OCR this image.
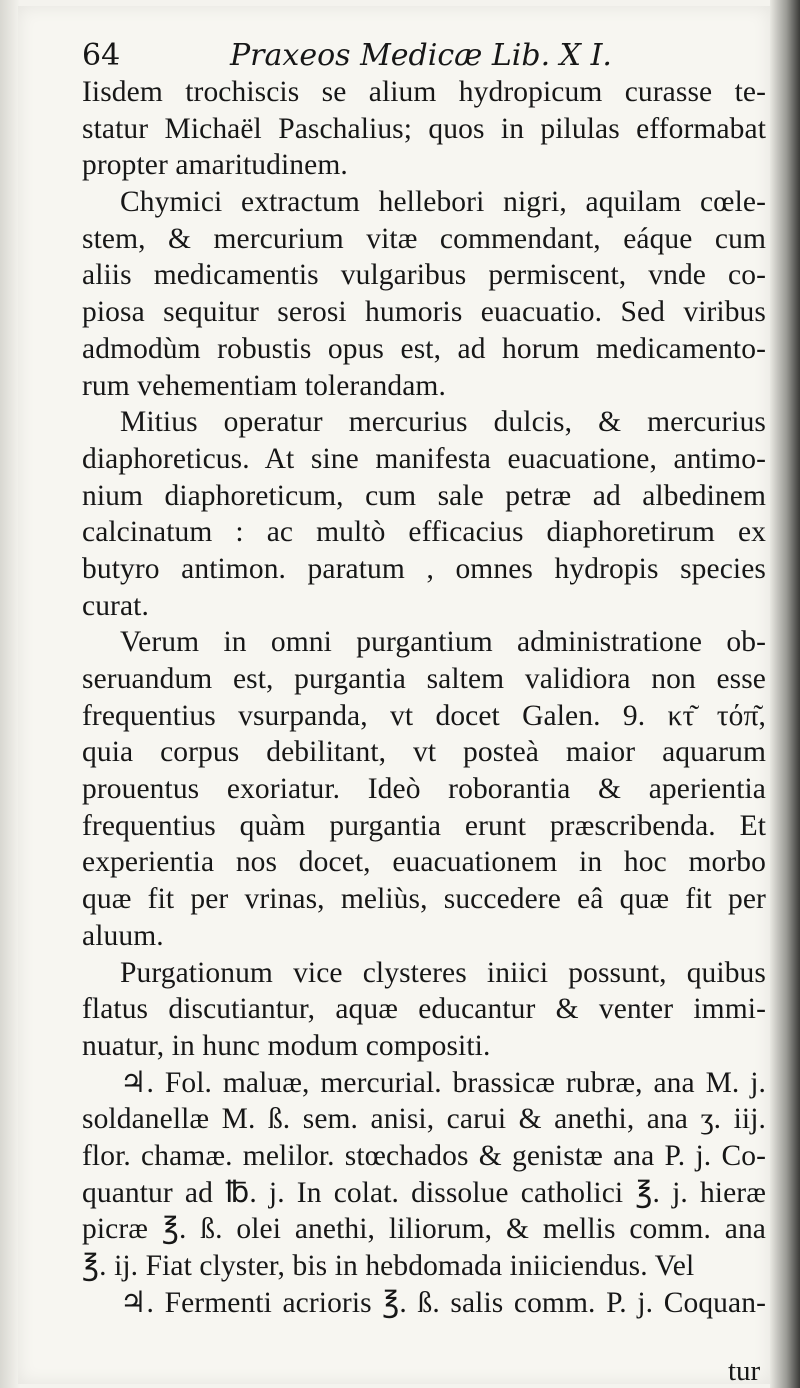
64	Praxeos Medicæ Lib. X I.
Iisdem trochiscis se alium hydropicum curasse te-
statur Michaël Paschalius; quos in pilulas efformabat
propter amaritudinem.
Chymici extractum hellebori nigri, aquilam cœle-
stem, & mercurium vitæ commendant, eáque cum
aliis medicamentis vulgaribus permiscent, vnde co-
piosa sequitur serosi humoris euacuatio. Sed viribus
admodùm robustis opus est, ad horum medicamento-
rum vehementiam tolerandam.
Mitius operatur mercurius dulcis, & mercurius
diaphoreticus. At sine manifesta euacuatione, antimo-
nium diaphoreticum, cum sale petræ ad albedinem
calcinatum : ac multò efficacius diaphoretirum ex
butyro antimon. paratum , omnes hydropis species
curat.
Verum in omni purgantium administratione ob-
seruandum est, purgantia saltem validiora non esse
frequentius vsurpanda, vt docet Galen. 9. κτ͂ τόπ͂,
quia corpus debilitant, vt posteà maior aquarum
prouentus exoriatur. Ideò roborantia & aperientia
frequentius quàm purgantia erunt præscribenda. Et
experientia nos docet, euacuationem in hoc morbo
quæ fit per vrinas, meliùs, succedere eâ quæ fit per
aluum.
Purgationum vice clysteres iniici possunt, quibus
flatus discutiantur, aquæ educantur & venter immi-
nuatur, in hunc modum compositi.
♃. Fol. maluæ, mercurial. brassicæ rubræ, ana M. j.
soldanellæ M. ß. sem. anisi, carui & anethi, ana ʒ. iij.
flor. chamæ. melilor. stœchados & genistæ ana P. j. Co-
quantur ad ℔. j. In colat. dissolue catholici ℥. j. hieræ
picræ ℥. ß. olei anethi, liliorum, & mellis comm. ana
℥. ij. Fiat clyster, bis in hebdomada iniiciendus. Vel
♃. Fermenti acrioris ℥. ß. salis comm. P. j. Coquan-
tur
